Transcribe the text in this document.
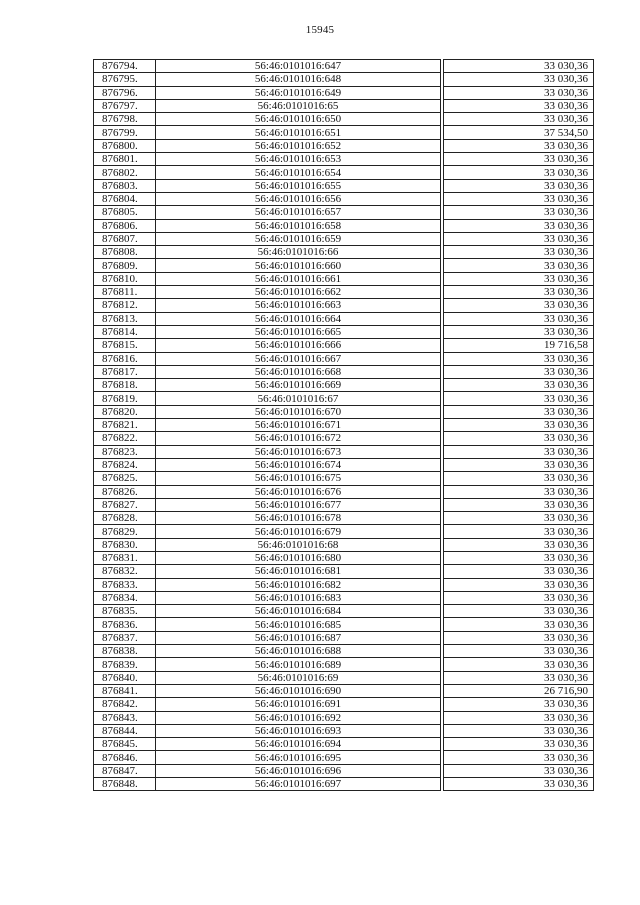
15945
876794.	56:46:0101016:647		33 030,36
876795.	56:46:0101016:648		33 030,36
876796.	56:46:0101016:649		33 030,36
876797.	56:46:0101016:65		33 030,36
876798.	56:46:0101016:650		33 030,36
876799.	56:46:0101016:651		37 534,50
876800.	56:46:0101016:652		33 030,36
876801.	56:46:0101016:653		33 030,36
876802.	56:46:0101016:654		33 030,36
876803.	56:46:0101016:655		33 030,36
876804.	56:46:0101016:656		33 030,36
876805.	56:46:0101016:657		33 030,36
876806.	56:46:0101016:658		33 030,36
876807.	56:46:0101016:659		33 030,36
876808.	56:46:0101016:66		33 030,36
876809.	56:46:0101016:660		33 030,36
876810.	56:46:0101016:661		33 030,36
876811.	56:46:0101016:662		33 030,36
876812.	56:46:0101016:663		33 030,36
876813.	56:46:0101016:664		33 030,36
876814.	56:46:0101016:665		33 030,36
876815.	56:46:0101016:666		19 716,58
876816.	56:46:0101016:667		33 030,36
876817.	56:46:0101016:668		33 030,36
876818.	56:46:0101016:669		33 030,36
876819.	56:46:0101016:67		33 030,36
876820.	56:46:0101016:670		33 030,36
876821.	56:46:0101016:671		33 030,36
876822.	56:46:0101016:672		33 030,36
876823.	56:46:0101016:673		33 030,36
876824.	56:46:0101016:674		33 030,36
876825.	56:46:0101016:675		33 030,36
876826.	56:46:0101016:676		33 030,36
876827.	56:46:0101016:677		33 030,36
876828.	56:46:0101016:678		33 030,36
876829.	56:46:0101016:679		33 030,36
876830.	56:46:0101016:68		33 030,36
876831.	56:46:0101016:680		33 030,36
876832.	56:46:0101016:681		33 030,36
876833.	56:46:0101016:682		33 030,36
876834.	56:46:0101016:683		33 030,36
876835.	56:46:0101016:684		33 030,36
876836.	56:46:0101016:685		33 030,36
876837.	56:46:0101016:687		33 030,36
876838.	56:46:0101016:688		33 030,36
876839.	56:46:0101016:689		33 030,36
876840.	56:46:0101016:69		33 030,36
876841.	56:46:0101016:690		26 716,90
876842.	56:46:0101016:691		33 030,36
876843.	56:46:0101016:692		33 030,36
876844.	56:46:0101016:693		33 030,36
876845.	56:46:0101016:694		33 030,36
876846.	56:46:0101016:695		33 030,36
876847.	56:46:0101016:696		33 030,36
876848.	56:46:0101016:697		33 030,36
